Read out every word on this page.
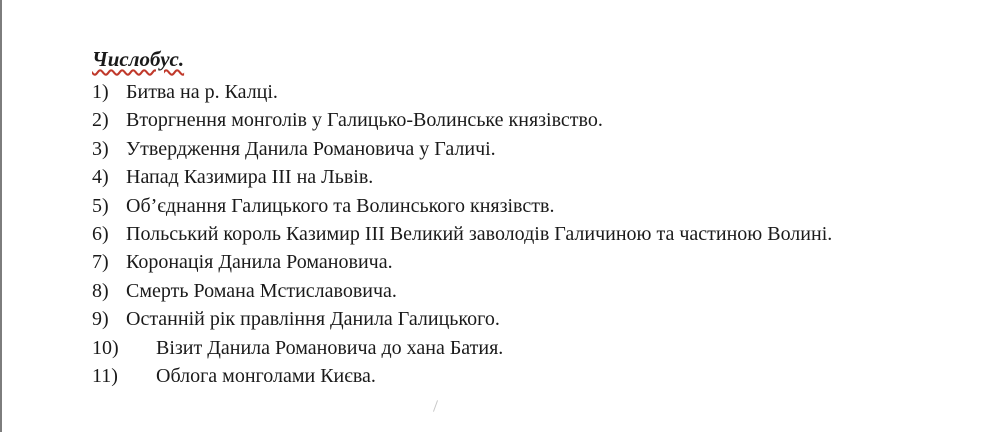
Числобус.
1) Битва на р. Калці.
2) Вторгнення монголів у Галицько-Волинське князівство.
3) Утвердження Данила Романовича у Галичі.
4) Напад Казимира ІІІ на Львів.
5) Об’єднання Галицького та Волинського князівств.
6) Польський король Казимир ІІІ Великий заволодів Галичиною та частиною Волині.
7) Коронація Данила Романовича.
8) Смерть Романа Мстиславовича.
9) Останній рік правління Данила Галицького.
10) Візит Данила Романовича до хана Батия.
11) Облога монголами Києва.
